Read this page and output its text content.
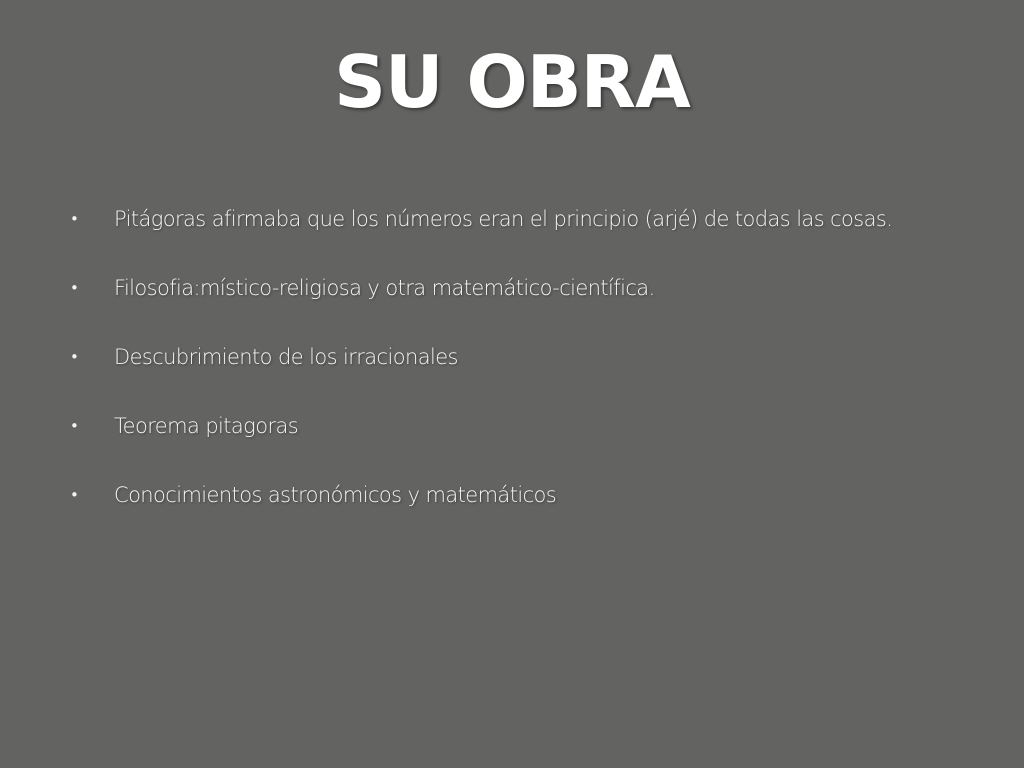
SU OBRA
• Pitágoras afirmaba que los números eran el principio (arjé) de todas las cosas.
• Filosofia:místico-religiosa y otra matemático-científica.
• Descubrimiento de los irracionales
• Teorema pitagoras
• Conocimientos astronómicos y matemáticos
